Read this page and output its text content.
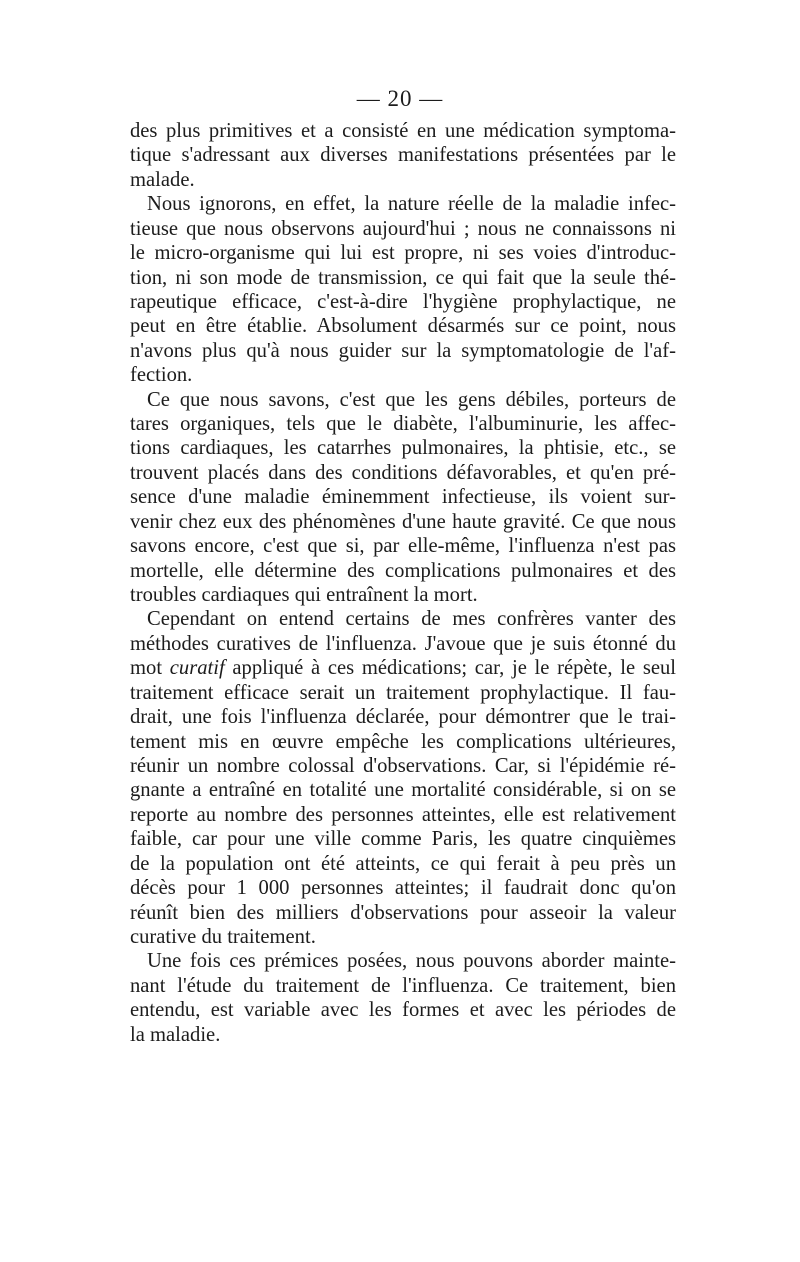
— 20 —
des plus primitives et a consisté en une médication symptoma-
tique s'adressant aux diverses manifestations présentées par le
malade.
Nous ignorons, en effet, la nature réelle de la maladie infec-
tieuse que nous observons aujourd'hui ; nous ne connaissons ni
le micro-organisme qui lui est propre, ni ses voies d'introduc-
tion, ni son mode de transmission, ce qui fait que la seule thé-
rapeutique efficace, c'est-à-dire l'hygiène prophylactique, ne
peut en être établie. Absolument désarmés sur ce point, nous
n'avons plus qu'à nous guider sur la symptomatologie de l'af-
fection.
Ce que nous savons, c'est que les gens débiles, porteurs de
tares organiques, tels que le diabète, l'albuminurie, les affec-
tions cardiaques, les catarrhes pulmonaires, la phtisie, etc., se
trouvent placés dans des conditions défavorables, et qu'en pré-
sence d'une maladie éminemment infectieuse, ils voient sur-
venir chez eux des phénomènes d'une haute gravité. Ce que nous
savons encore, c'est que si, par elle-même, l'influenza n'est pas
mortelle, elle détermine des complications pulmonaires et des
troubles cardiaques qui entraînent la mort.
Cependant on entend certains de mes confrères vanter des
méthodes curatives de l'influenza. J'avoue que je suis étonné du
mot curatif appliqué à ces médications; car, je le répète, le seul
traitement efficace serait un traitement prophylactique. Il fau-
drait, une fois l'influenza déclarée, pour démontrer que le trai-
tement mis en œuvre empêche les complications ultérieures,
réunir un nombre colossal d'observations. Car, si l'épidémie ré-
gnante a entraîné en totalité une mortalité considérable, si on se
reporte au nombre des personnes atteintes, elle est relativement
faible, car pour une ville comme Paris, les quatre cinquièmes
de la population ont été atteints, ce qui ferait à peu près un
décès pour 1 000 personnes atteintes; il faudrait donc qu'on
réunît bien des milliers d'observations pour asseoir la valeur
curative du traitement.
Une fois ces prémices posées, nous pouvons aborder mainte-
nant l'étude du traitement de l'influenza. Ce traitement, bien
entendu, est variable avec les formes et avec les périodes de
la maladie.
